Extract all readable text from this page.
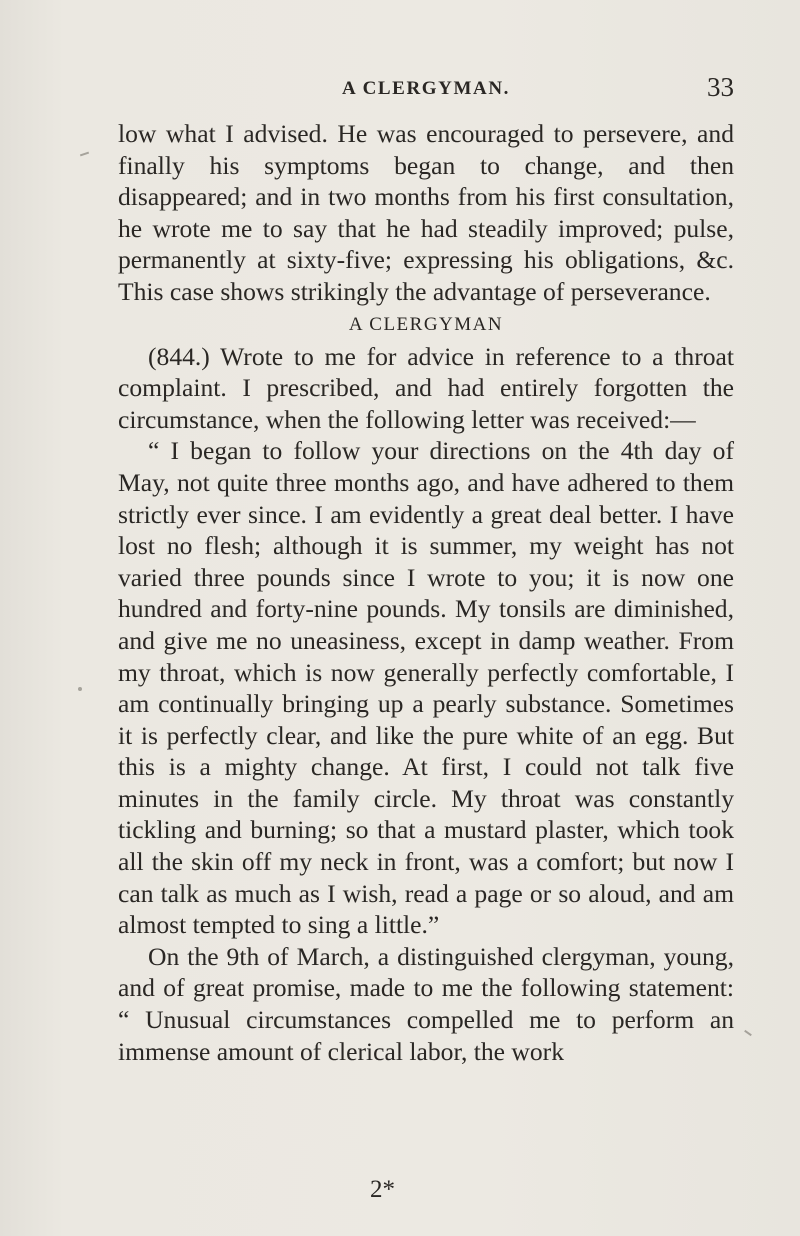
A CLERGYMAN.	33

low what I advised. He was encouraged to persevere, and finally his symptoms began to change, and then disappeared; and in two months from his first consultation, he wrote me to say that he had steadily improved; pulse, permanently at sixty-five; expressing his obligations, &c. This case shows strikingly the advantage of perseverance.

A CLERGYMAN

(844.) Wrote to me for advice in reference to a throat complaint. I prescribed, and had entirely forgotten the circumstance, when the following letter was received:—

“ I began to follow your directions on the 4th day of May, not quite three months ago, and have adhered to them strictly ever since. I am evidently a great deal better. I have lost no flesh; although it is summer, my weight has not varied three pounds since I wrote to you; it is now one hundred and forty-nine pounds. My tonsils are diminished, and give me no uneasiness, except in damp weather. From my throat, which is now generally perfectly comfortable, I am continually bringing up a pearly substance. Sometimes it is perfectly clear, and like the pure white of an egg. But this is a mighty change. At first, I could not talk five minutes in the family circle. My throat was constantly tickling and burning; so that a mustard plaster, which took all the skin off my neck in front, was a comfort; but now I can talk as much as I wish, read a page or so aloud, and am almost tempted to sing a little.”

On the 9th of March, a distinguished clergyman, young, and of great promise, made to me the following statement: “ Unusual circumstances compelled me to perform an immense amount of clerical labor, the work

2*
